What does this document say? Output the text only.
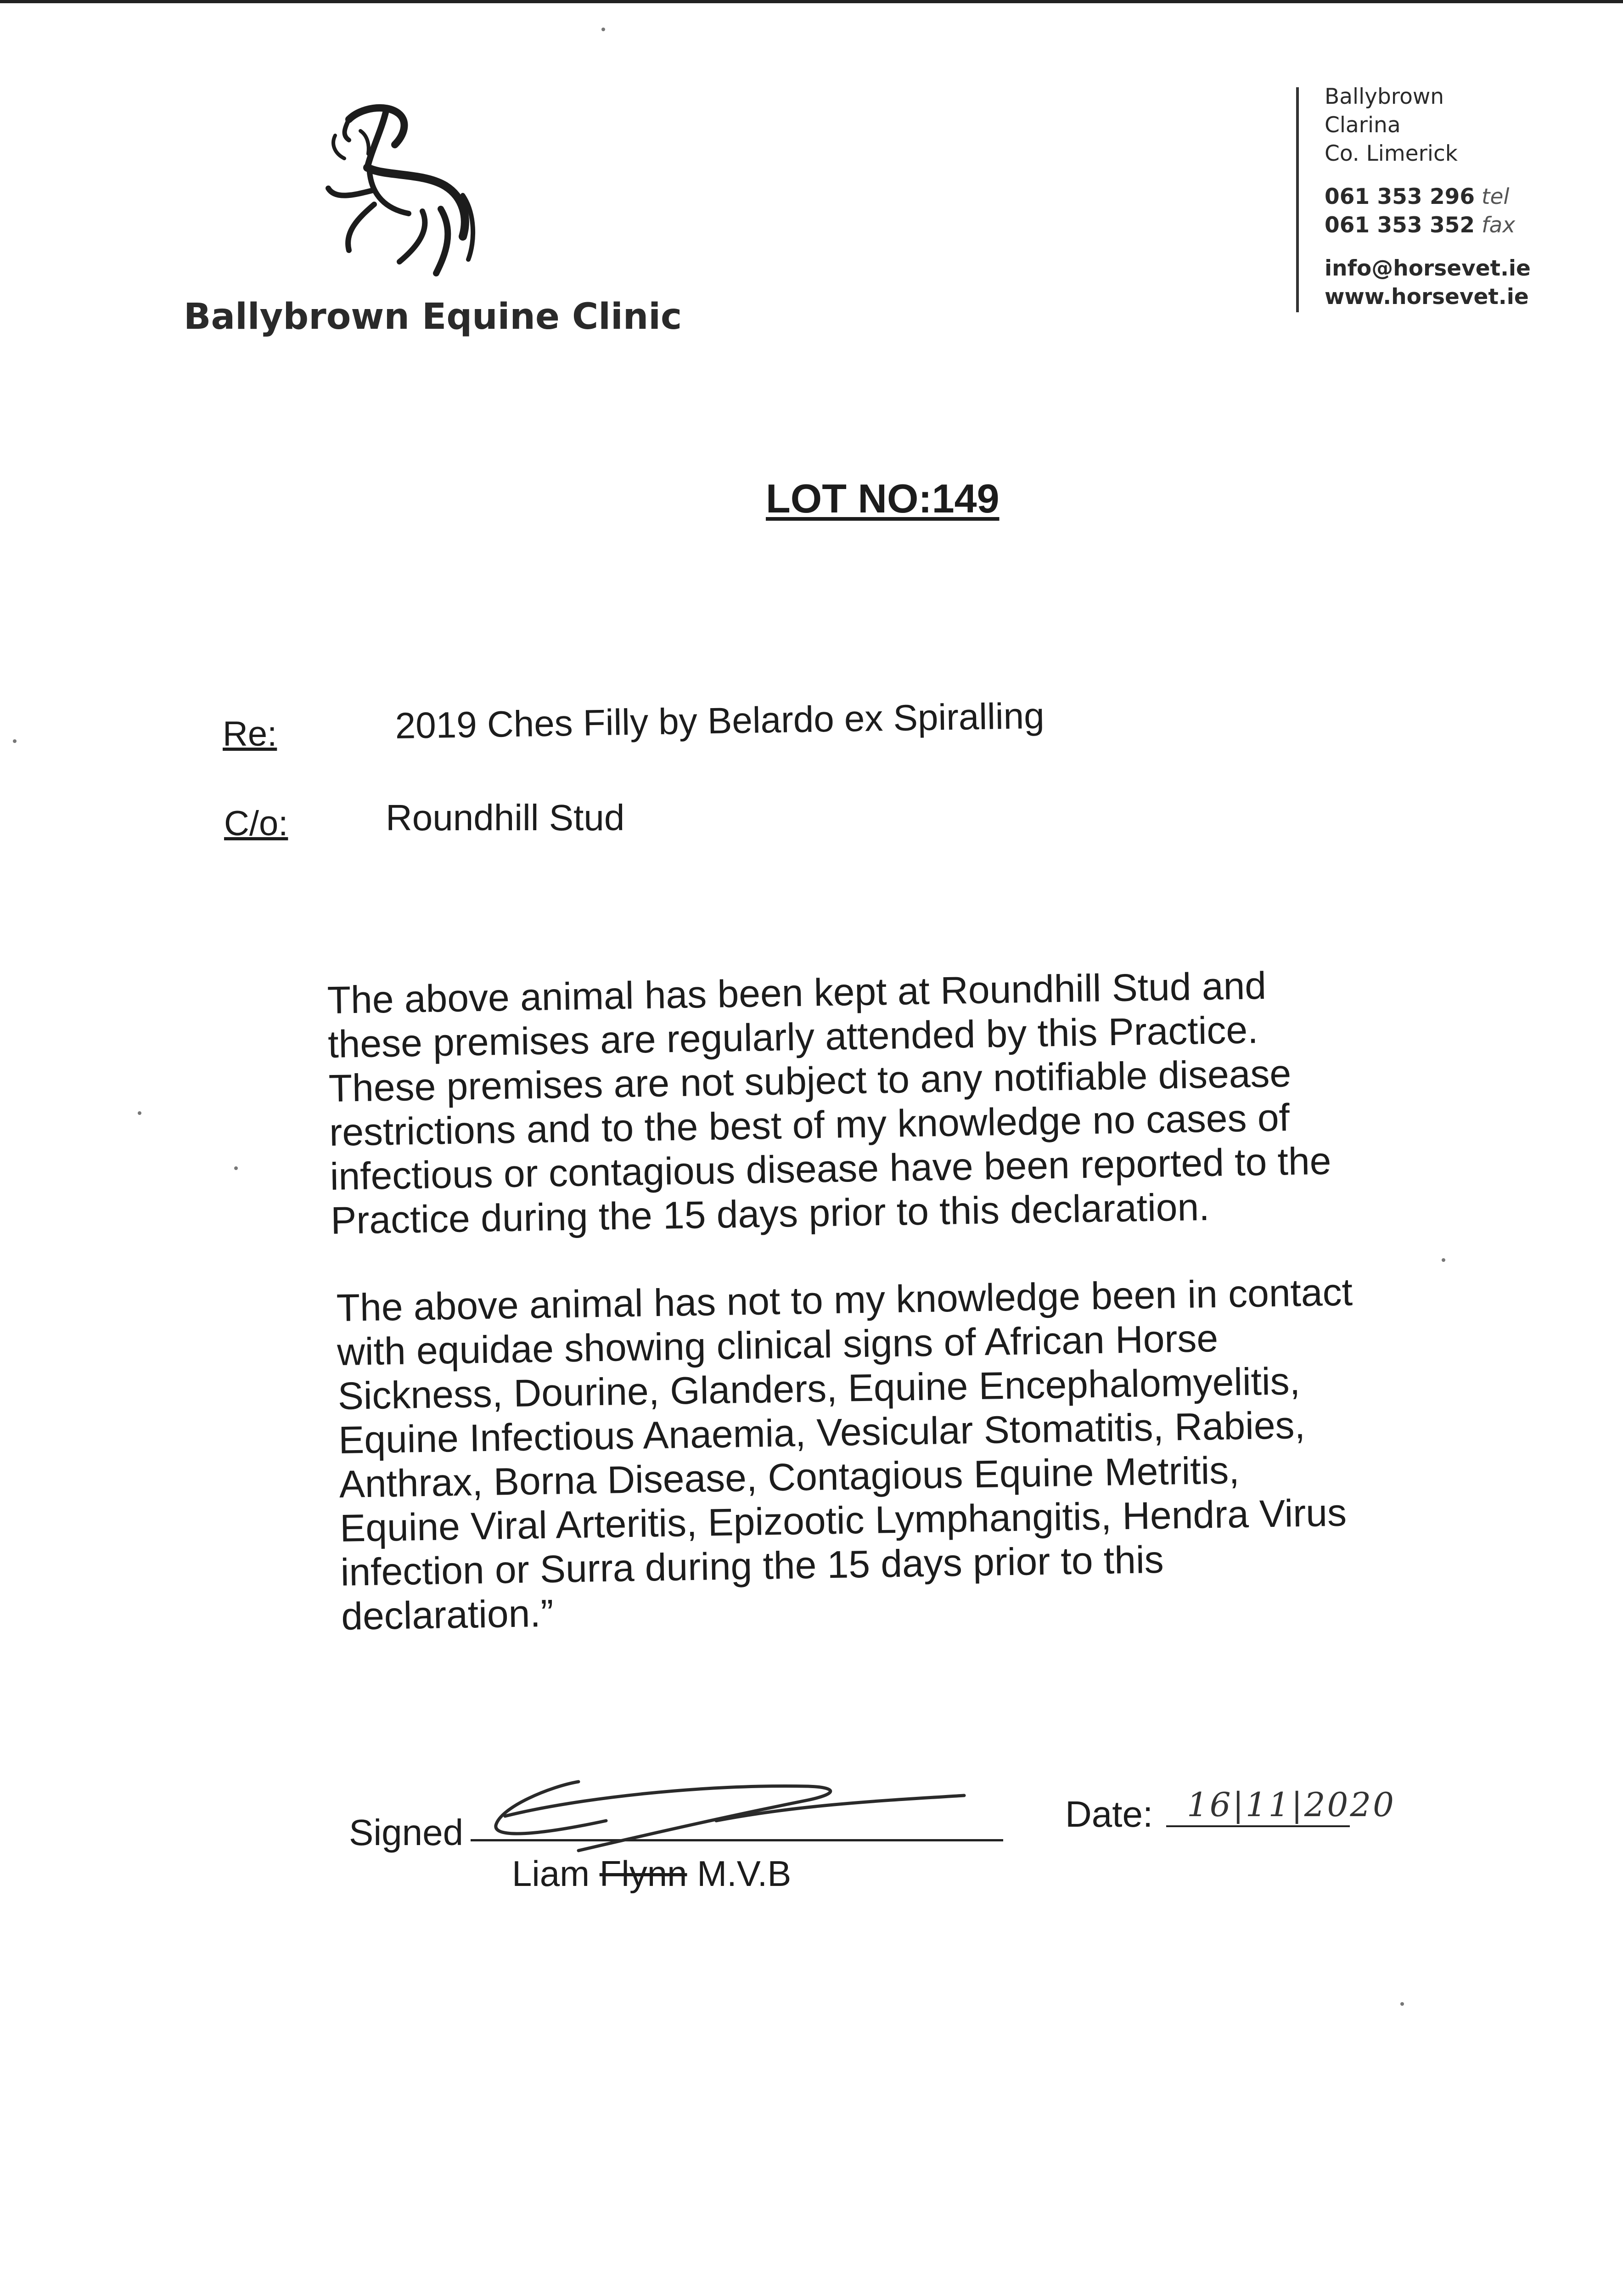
Ballybrown Equine Clinic
Ballybrown
Clarina
Co. Limerick
061 353 296 tel
061 353 352 fax
info@horsevet.ie
www.horsevet.ie
LOT NO:149
Re:	2019 Ches Filly by Belardo ex Spiralling
C/o:	Roundhill Stud
The above animal has been kept at Roundhill Stud and
these premises are regularly attended by this Practice.
These premises are not subject to any notifiable disease
restrictions and to the best of my knowledge no cases of
infectious or contagious disease have been reported to the
Practice during the 15 days prior to this declaration.
The above animal has not to my knowledge been in contact
with equidae showing clinical signs of African Horse
Sickness, Dourine, Glanders, Equine Encephalomyelitis,
Equine Infectious Anaemia, Vesicular Stomatitis, Rabies,
Anthrax, Borna Disease, Contagious Equine Metritis,
Equine Viral Arteritis, Epizootic Lymphangitis, Hendra Virus
infection or Surra during the 15 days prior to this
declaration.”
Signed
Liam Flynn M.V.B
Date: 16|11|2020
